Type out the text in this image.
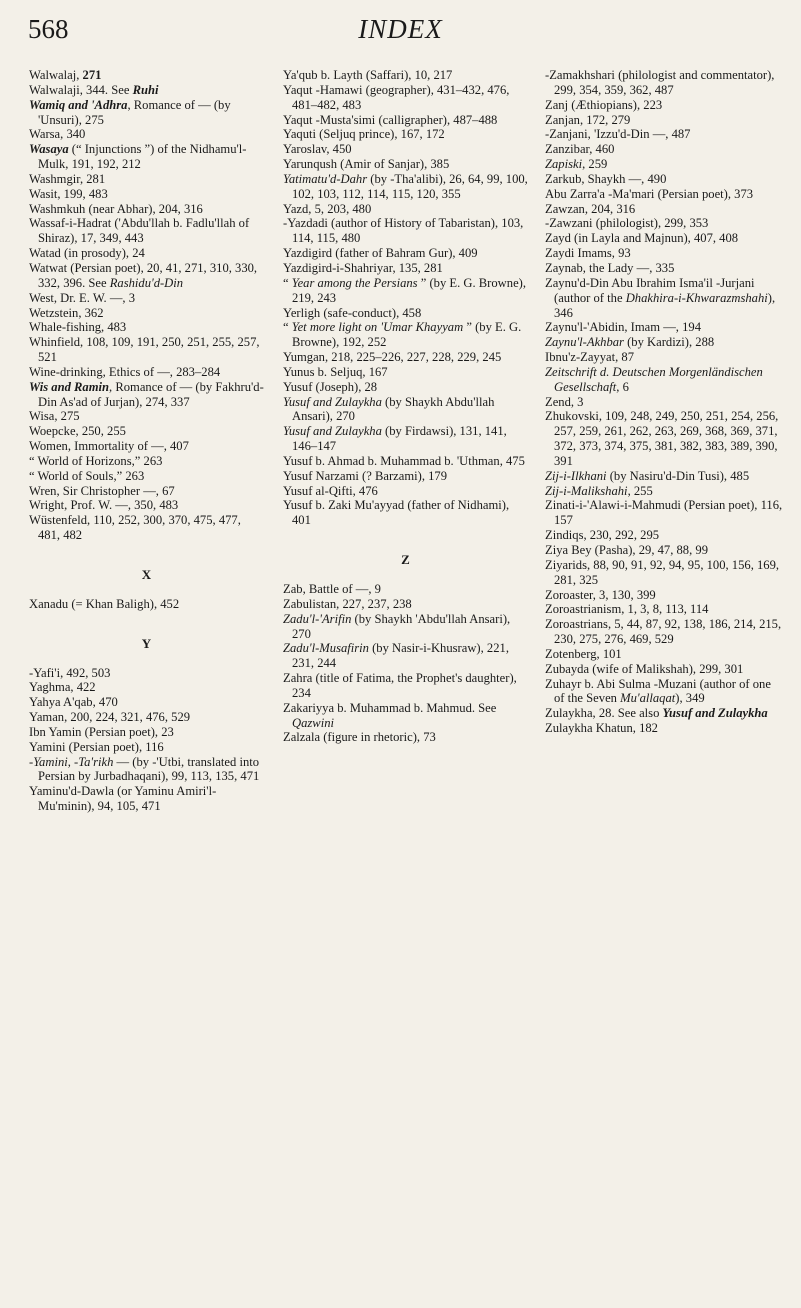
568	INDEX
Walwalaj, 271
Walwalaji, 344. See Ruhi
Wamiq and 'Adhra, Romance of — (by 'Unsuri), 275
Warsa, 340
Wasaya (“ Injunctions ”) of the Nidhamu'l-Mulk, 191, 192, 212
Washmgir, 281
Wasit, 199, 483
Washmkuh (near Abhar), 204, 316
Wassaf-i-Hadrat ('Abdu'llah b. Fadlu'llah of Shiraz), 17, 349, 443
Watad (in prosody), 24
Watwat (Persian poet), 20, 41, 271, 310, 330, 332, 396. See Rashidu'd-Din
West, Dr. E. W. —, 3
Wetzstein, 362
Whale-fishing, 483
Whinfield, 108, 109, 191, 250, 251, 255, 257, 521
Wine-drinking, Ethics of —, 283–284
Wis and Ramin, Romance of — (by Fakhru'd-Din As'ad of Jurjan), 274, 337
Wisa, 275
Woepcke, 250, 255
Women, Immortality of —, 407
“ World of Horizons,” 263
“ World of Souls,” 263
Wren, Sir Christopher —, 67
Wright, Prof. W. —, 350, 483
Wüstenfeld, 110, 252, 300, 370, 475, 477, 481, 482
X
Xanadu (= Khan Baligh), 452
Y
-Yafi'i, 492, 503
Yaghma, 422
Yahya A'qab, 470
Yaman, 200, 224, 321, 476, 529
Ibn Yamin (Persian poet), 23
Yamini (Persian poet), 116
-Yamini, -Ta'rikh — (by -'Utbi, translated into Persian by Jurbadhaqani), 99, 113, 135, 471
Yaminu'd-Dawla (or Yaminu Amiri'l-Mu'minin), 94, 105, 471
Ya'qub b. Layth (Saffari), 10, 217
Yaqut -Hamawi (geographer), 431–432, 476, 481–482, 483
Yaqut -Musta'simi (calligrapher), 487–488
Yaquti (Seljuq prince), 167, 172
Yaroslav, 450
Yarunqush (Amir of Sanjar), 385
Yatimatu'd-Dahr (by -Tha'alibi), 26, 64, 99, 100, 102, 103, 112, 114, 115, 120, 355
Yazd, 5, 203, 480
-Yazdadi (author of History of Tabaristan), 103, 114, 115, 480
Yazdigird (father of Bahram Gur), 409
Yazdigird-i-Shahriyar, 135, 281
“ Year among the Persians ” (by E. G. Browne), 219, 243
Yerligh (safe-conduct), 458
“ Yet more light on 'Umar Khayyam ” (by E. G. Browne), 192, 252
Yumgan, 218, 225–226, 227, 228, 229, 245
Yunus b. Seljuq, 167
Yusuf (Joseph), 28
Yusuf and Zulaykha (by Shaykh Abdu'llah Ansari), 270
Yusuf and Zulaykha (by Firdawsi), 131, 141, 146–147
Yusuf b. Ahmad b. Muhammad b. 'Uthman, 475
Yusuf Narzami (? Barzami), 179
Yusuf al-Qifti, 476
Yusuf b. Zaki Mu'ayyad (father of Nidhami), 401
Z
Zab, Battle of —, 9
Zabulistan, 227, 237, 238
Zadu'l-'Arifin (by Shaykh 'Abdu'llah Ansari), 270
Zadu'l-Musafirin (by Nasir-i-Khusraw), 221, 231, 244
Zahra (title of Fatima, the Prophet's daughter), 234
Zakariyya b. Muhammad b. Mahmud. See Qazwini
Zalzala (figure in rhetoric), 73
-Zamakhshari (philologist and commentator), 299, 354, 359, 362, 487
Zanj (Æthiopians), 223
Zanjan, 172, 279
-Zanjani, 'Izzu'd-Din —, 487
Zanzibar, 460
Zapiski, 259
Zarkub, Shaykh —, 490
Abu Zarra'a -Ma'mari (Persian poet), 373
Zawzan, 204, 316
-Zawzani (philologist), 299, 353
Zayd (in Layla and Majnun), 407, 408
Zaydi Imams, 93
Zaynab, the Lady —, 335
Zaynu'd-Din Abu Ibrahim Isma'il -Jurjani (author of the Dhakhira-i-Khwarazmshahi), 346
Zaynu'l-'Abidin, Imam —, 194
Zaynu'l-Akhbar (by Kardizi), 288
Ibnu'z-Zayyat, 87
Zeitschrift d. Deutschen Morgenländischen Gesellschaft, 6
Zend, 3
Zhukovski, 109, 248, 249, 250, 251, 254, 256, 257, 259, 261, 262, 263, 269, 368, 369, 371, 372, 373, 374, 375, 381, 382, 383, 389, 390, 391
Zij-i-Ilkhani (by Nasiru'd-Din Tusi), 485
Zij-i-Malikshahi, 255
Zinati-i-'Alawi-i-Mahmudi (Persian poet), 116, 157
Zindiqs, 230, 292, 295
Ziya Bey (Pasha), 29, 47, 88, 99
Ziyarids, 88, 90, 91, 92, 94, 95, 100, 156, 169, 281, 325
Zoroaster, 3, 130, 399
Zoroastrianism, 1, 3, 8, 113, 114
Zoroastrians, 5, 44, 87, 92, 138, 186, 214, 215, 230, 275, 276, 469, 529
Zotenberg, 101
Zubayda (wife of Malikshah), 299, 301
Zuhayr b. Abi Sulma -Muzani (author of one of the Seven Mu'allaqat), 349
Zulaykha, 28. See also Yusuf and Zulaykha
Zulaykha Khatun, 182
